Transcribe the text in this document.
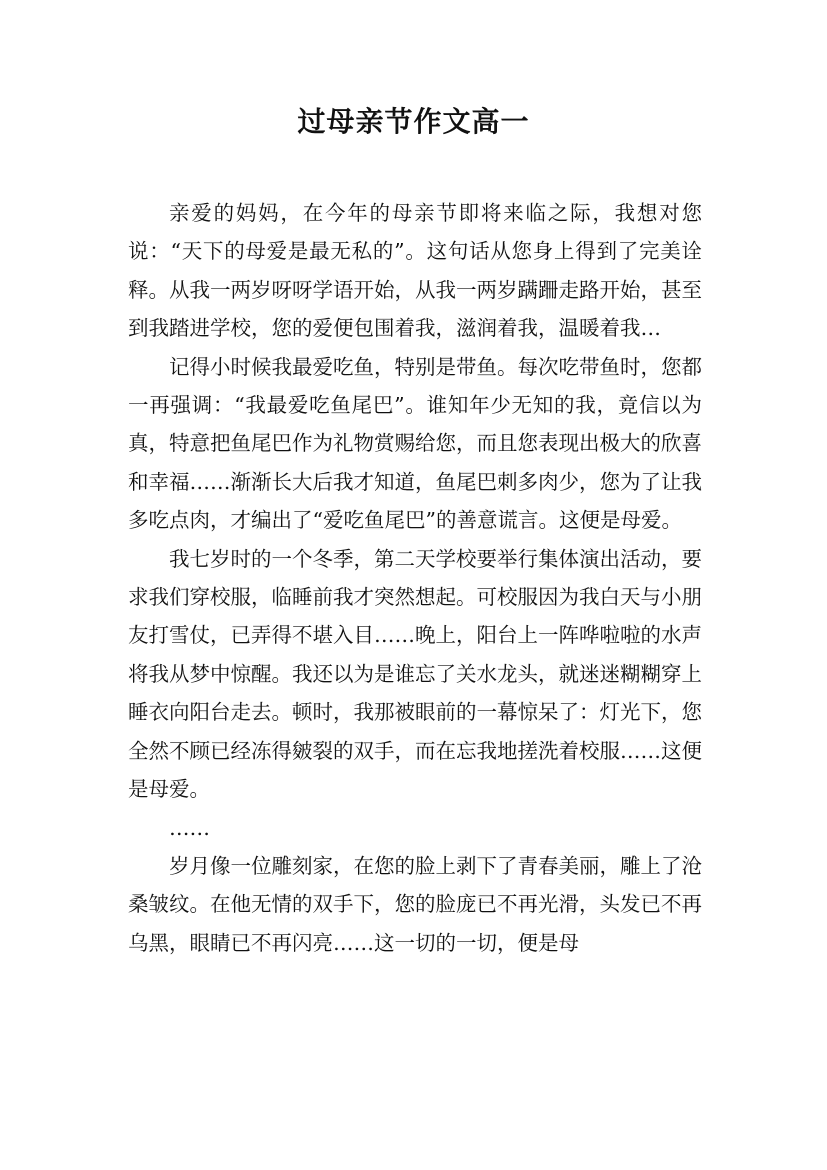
过母亲节作文高一

亲爱的妈妈，在今年的母亲节即将来临之际，我想对您说：“天下的母爱是最无私的”。这句话从您身上得到了完美诠释。从我一两岁呀呀学语开始，从我一两岁蹒跚走路开始，甚至到我踏进学校，您的爱便包围着我，滋润着我，温暖着我…

记得小时候我最爱吃鱼，特别是带鱼。每次吃带鱼时，您都一再强调：“我最爱吃鱼尾巴”。谁知年少无知的我，竟信以为真，特意把鱼尾巴作为礼物赏赐给您，而且您表现出极大的欣喜和幸福……渐渐长大后我才知道，鱼尾巴刺多肉少，您为了让我多吃点肉，才编出了“爱吃鱼尾巴”的善意谎言。这便是母爱。

我七岁时的一个冬季，第二天学校要举行集体演出活动，要求我们穿校服，临睡前我才突然想起。可校服因为我白天与小朋友打雪仗，已弄得不堪入目……晚上，阳台上一阵哗啦啦的水声将我从梦中惊醒。我还以为是谁忘了关水龙头，就迷迷糊糊穿上睡衣向阳台走去。顿时，我那被眼前的一幕惊呆了：灯光下，您全然不顾已经冻得皴裂的双手，而在忘我地搓洗着校服……这便是母爱。

……

岁月像一位雕刻家，在您的脸上剥下了青春美丽，雕上了沧桑皱纹。在他无情的双手下，您的脸庞已不再光滑，头发已不再乌黑，眼睛已不再闪亮……这一切的一切，便是母
